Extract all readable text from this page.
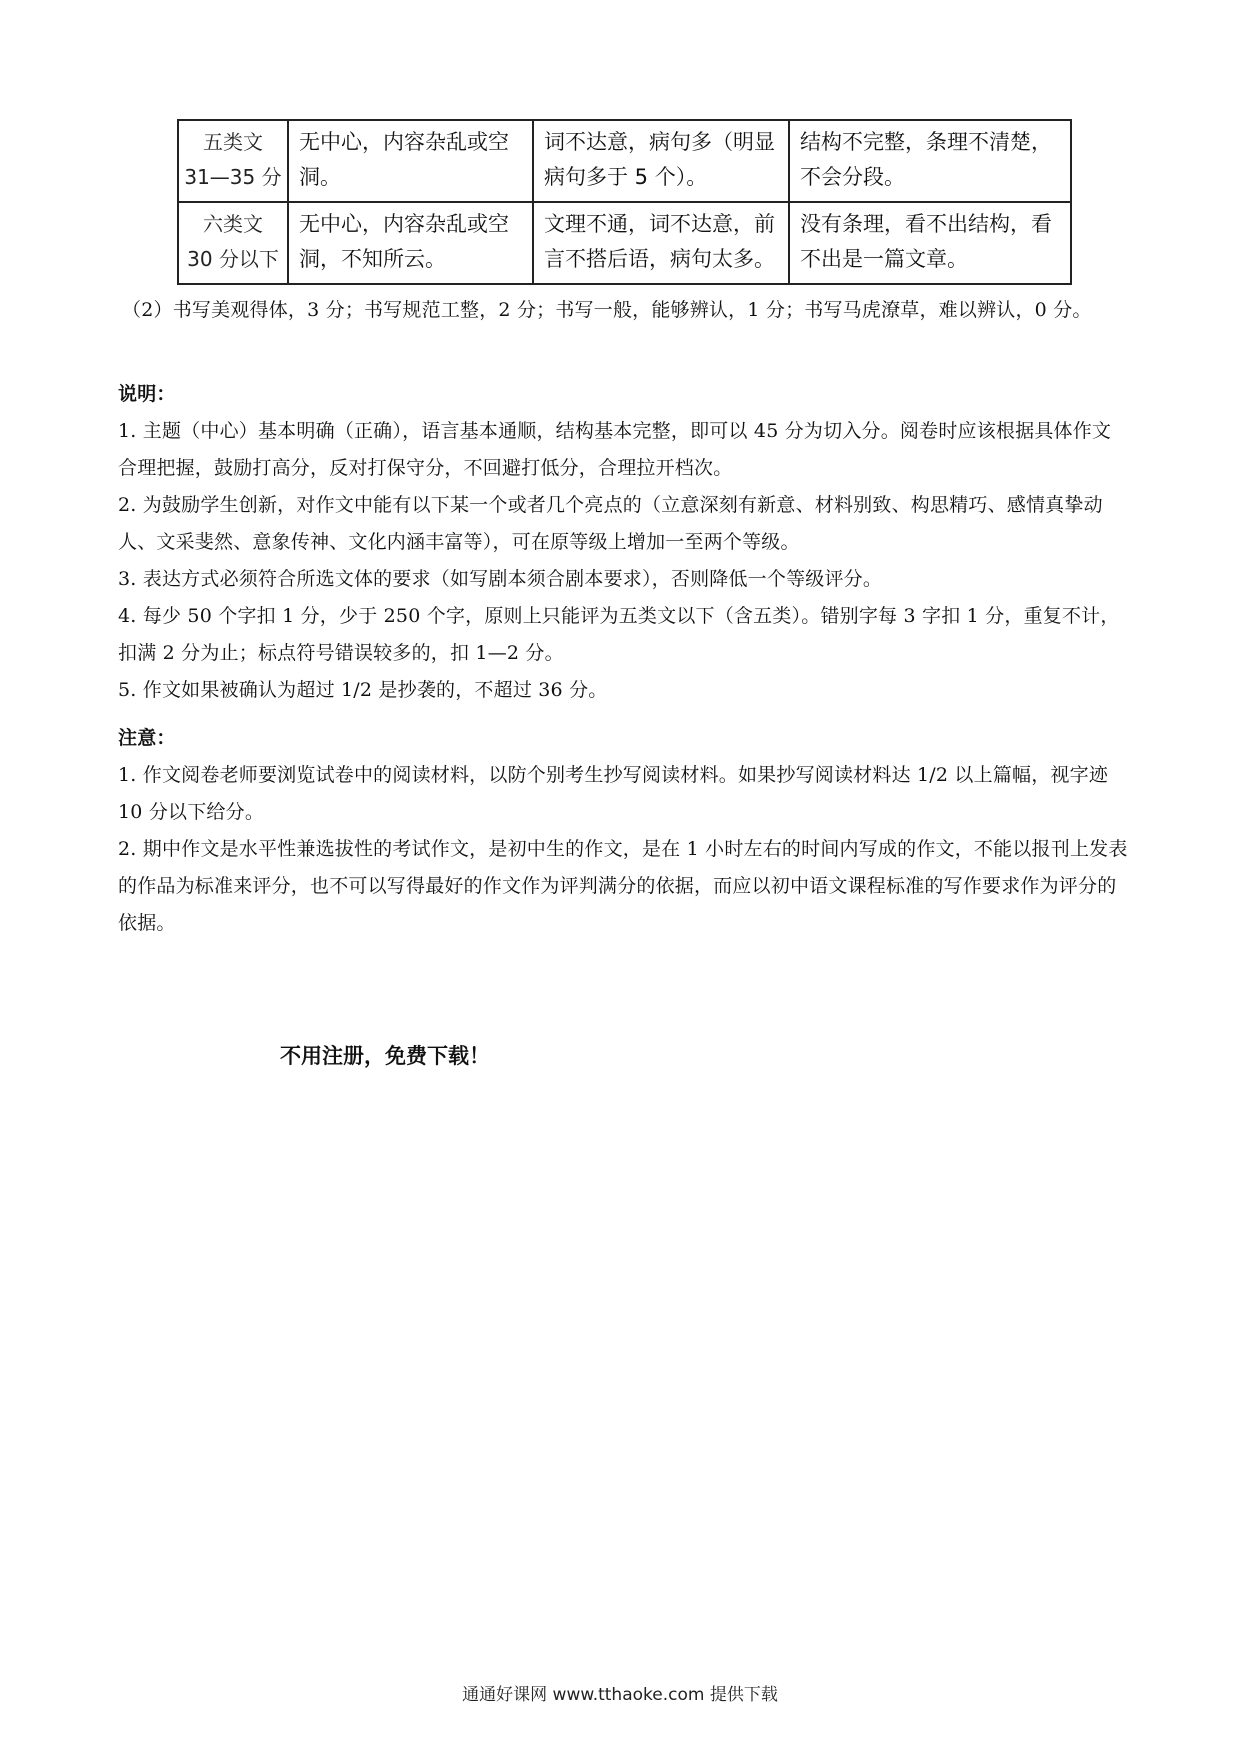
五类文
31—35 分	无中心，内容杂乱或空洞。	词不达意，病句多（明显病句多于 5 个）。	结构不完整，条理不清楚，不会分段。

六类文
30 分以下	无中心，内容杂乱或空洞，不知所云。	文理不通，词不达意，前言不搭后语，病句太多。	没有条理，看不出结构，看不出是一篇文章。

（2）书写美观得体，3 分；书写规范工整，2 分；书写一般，能够辨认，1 分；书写马虎潦草，难以辨认，0 分。

说明：

1. 主题（中心）基本明确（正确），语言基本通顺，结构基本完整，即可以 45 分为切入分。阅卷时应该根据具体作文合理把握，鼓励打高分，反对打保守分，不回避打低分，合理拉开档次。

2. 为鼓励学生创新，对作文中能有以下某一个或者几个亮点的（立意深刻有新意、材料别致、构思精巧、感情真挚动人、文采斐然、意象传神、文化内涵丰富等），可在原等级上增加一至两个等级。

3. 表达方式必须符合所选文体的要求（如写剧本须合剧本要求），否则降低一个等级评分。

4. 每少 50 个字扣 1 分，少于 250 个字，原则上只能评为五类文以下（含五类）。错别字每 3 字扣 1 分，重复不计，扣满 2 分为止；标点符号错误较多的，扣 1—2 分。

5. 作文如果被确认为超过 1/2 是抄袭的，不超过 36 分。

注意：

1. 作文阅卷老师要浏览试卷中的阅读材料，以防个别考生抄写阅读材料。如果抄写阅读材料达 1/2 以上篇幅，视字迹 10 分以下给分。

2. 期中作文是水平性兼选拔性的考试作文，是初中生的作文，是在 1 小时左右的时间内写成的作文，不能以报刊上发表的作品为标准来评分，也不可以写得最好的作文作为评判满分的依据，而应以初中语文课程标准的写作要求作为评分的依据。

不用注册，免费下载！
通通好课网 www.tthaoke.com 提供下载
